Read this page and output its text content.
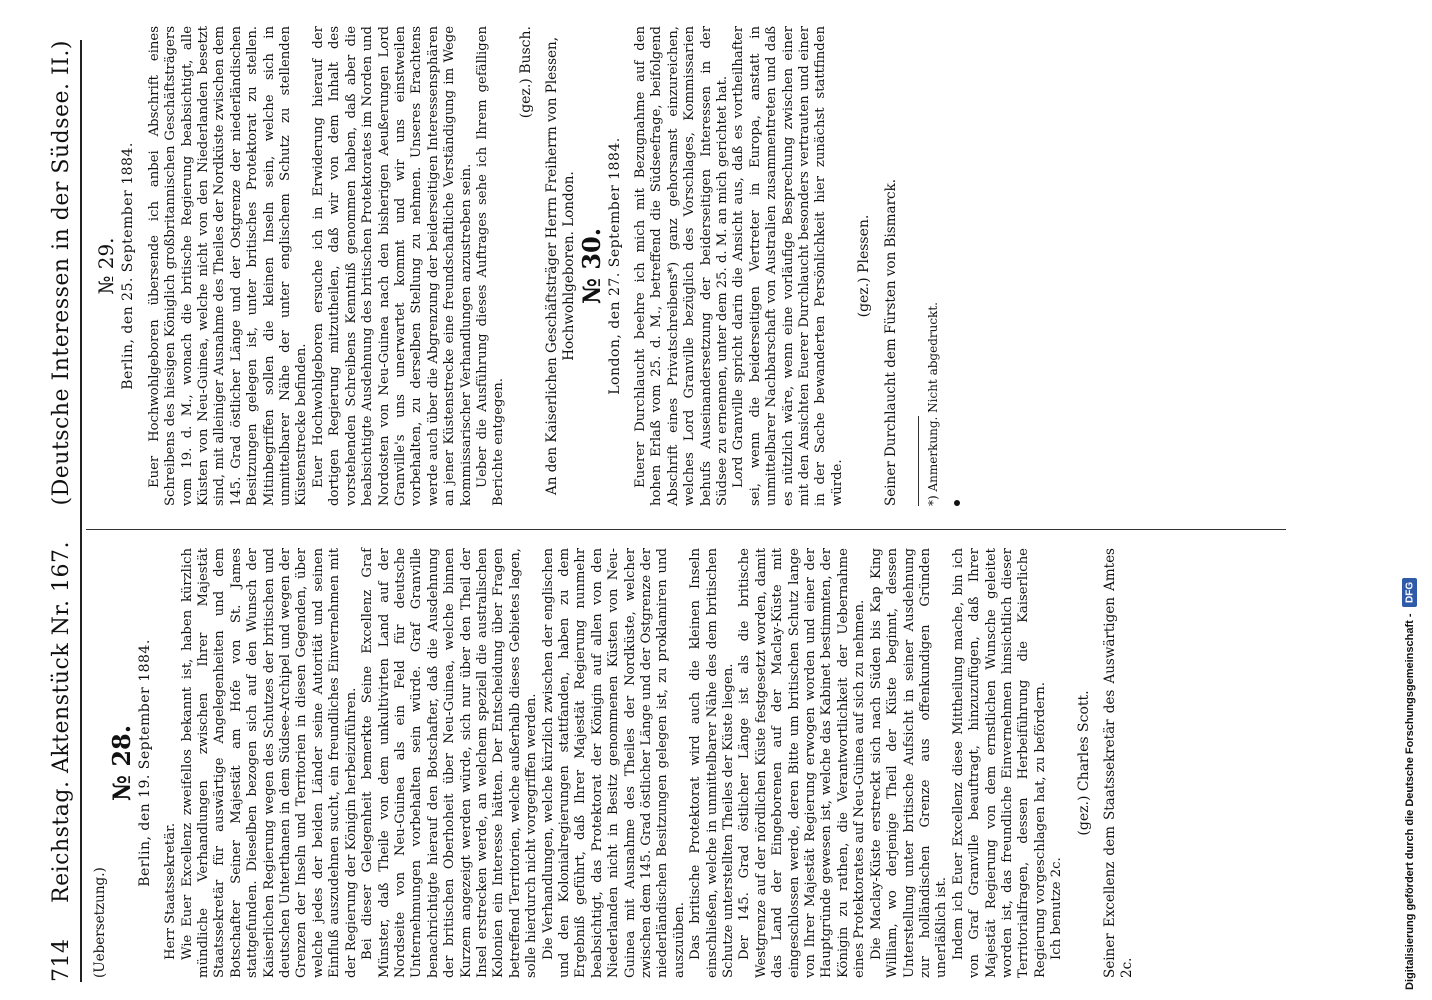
714
Reichstag. Aktenstück Nr. 167.
(Deutsche Interessen in der Südsee. II.)
(Uebersetzung.)
№ 28. Berlin, den 19. September 1884.

Herr Staatssekretär. Wie Euer Excellenz zweifellos bekannt ist, haben kürzlich mündliche Verhandlungen zwischen Ihrer Majestät Staatssekretär für auswärtige Angelegenheiten und dem Botschafter Seiner Majestät am Hofe von St. James stattgefunden. Dieselben bezogen sich auf den Wunsch der Kaiserlichen Regierung wegen des Schutzes der britischen und deutschen Unterthanen in dem Südsee-Archipel und wegen der Grenzen der Inseln und Territorien in diesen Gegenden, über welche jedes der beiden Länder seine Autorität und seinen Einfluß auszudehnen sucht, ein freundliches Einvernehmen mit der Regierung der Königin herbeizuführen. Bei dieser Gelegenheit bemerkte Seine Excellenz Graf Münster, daß Theile von dem unkultivirten Land auf der Nordseite von Neu-Guinea als ein Feld für deutsche Unternehmungen vorbehalten sein würde. Graf Granville benachrichtigte hierauf den Botschafter, daß die Ausdehnung der britischen Oberhoheit über Neu-Guinea, welche binnen Kurzem angezeigt werden würde, sich nur über den Theil der Insel erstrecken werde, an welchem speziell die australischen Kolonien ein Interesse hätten. Der Entscheidung über Fragen betreffend Territorien, welche außerhalb dieses Gebietes lagen, solle hierdurch nicht vorgegriffen werden. Die Verhandlungen, welche kürzlich zwischen der englischen und den Kolonialregierungen stattfanden, haben zu dem Ergebniß geführt, daß Ihrer Majestät Regierung nunmehr beabsichtigt, das Protektorat der Königin auf allen von den Niederlanden nicht in Besitz genommenen Küsten von Neu-Guinea mit Ausnahme des Theiles der Nordküste, welcher zwischen dem 145. Grad östlicher Länge und der Ostgrenze der niederländischen Besitzungen gelegen ist, zu proklamiren und auszuüben. Das britische Protektorat wird auch die kleinen Inseln einschließen, welche in unmittelbarer Nähe des dem britischen Schutze unterstellten Theiles der Küste liegen. Der 145. Grad östlicher Länge ist als die britische Westgrenze auf der nördlichen Küste festgesetzt worden, damit das Land der Eingeborenen auf der Maclay-Küste mit eingeschlossen werde, deren Bitte um britischen Schutz lange von Ihrer Majestät Regierung erwogen worden und einer der Hauptgründe gewesen ist, welche das Kabinet bestimmten, der Königin zu rathen, die Verantwortlichkeit der Uebernahme eines Protektorates auf Neu-Guinea auf sich zu nehmen. Die Maclay-Küste erstreckt sich nach Süden bis Kap King William, wo derjenige Theil der Küste beginnt, dessen Unterstellung unter britische Aufsicht in seiner Ausdehnung zur holländischen Grenze aus offenkundigen Gründen unerläßlich ist. Indem ich Euer Excellenz diese Mittheilung mache, bin ich von Graf Granville beauftragt, hinzuzufügen, daß Ihrer Majestät Regierung von dem ernstlichen Wunsche geleitet worden ist, das freundliche Einvernehmen hinsichtlich dieser Territorialfragen, dessen Herbeiführung die Kaiserliche Regierung vorgeschlagen hat, zu befördern. Ich benutze 2c.

(gez.) Charles Scott. Seiner Excellenz dem Staatssekretär des Auswärtigen Amtes 2c.
№ 29. Berlin, den 25. September 1884. Euer Hochwohlgeboren übersende ich anbei Abschrift eines Schreibens des hiesigen Königlich großbritannischen Geschäftsträgers vom 19. d. M., wonach die britische Regierung beabsichtigt, alle Küsten von Neu-Guinea, welche nicht von den Niederlanden besetzt sind, mit alleiniger Ausnahme des Theiles der Nordküste zwischen dem 145. Grad östlicher Länge und der Ostgrenze der niederländischen Besitzungen gelegen ist, unter britisches Protektorat zu stellen. Mitinbegriffen sollen die kleinen Inseln sein, welche sich in unmittelbarer Nähe der unter englischem Schutz zu stellenden Küstenstrecke befinden. Euer Hochwohlgeboren ersuche ich in Erwiderung hierauf der dortigen Regierung mitzutheilen, daß wir von dem Inhalt des vorstehenden Schreibens Kenntniß genommen haben, daß aber die beabsichtigte Ausdehnung des britischen Protektorates im Norden und Nordosten von Neu-Guinea nach den bisherigen Aeußerungen Lord Granville's uns unerwartet kommt und wir uns einstweilen vorbehalten, zu derselben Stellung zu nehmen. Unseres Erachtens werde auch über die Abgrenzung der beiderseitigen Interessensphären an jener Küstenstrecke eine freundschaftliche Verständigung im Wege kommissarischer Verhandlungen anzustreben sein. Ueber die Ausführung dieses Auftrages sehe ich Ihrem gefälligen Berichte entgegen.

(gez.) Busch. An den Kaiserlichen Geschäftsträger Herrn Freiherrn von Plessen, Hochwohlgeboren. London. № 30. London, den 27. September 1884. Euerer Durchlaucht beehre ich mich mit Bezugnahme auf den hohen Erlaß vom 25. d. M., betreffend die Südseefrage, beifolgend Abschrift eines Privatschreibens*) ganz gehorsamst einzureichen, welches Lord Granville bezüglich des Vorschlages, Kommissarien behufs Auseinandersetzung der beiderseitigen Interessen in der Südsee zu ernennen, unter dem 25. d. M. an mich gerichtet hat. Lord Granville spricht darin die Ansicht aus, daß es vortheilhafter sei, wenn die beiderseitigen Vertreter in Europa, anstatt in unmittelbarer Nachbarschaft von Australien zusammentreten und daß es nützlich wäre, wenn eine vorläufige Besprechung zwischen einer mit den Ansichten Euerer Durchlaucht besonders vertrauten und einer in der Sache bewanderten Persönlichkeit hier zunächst stattfinden würde.

(gez.) Plessen. Seiner Durchlaucht dem Fürsten von Bismarck. *) Anmerkung. Nicht abgedruckt.
Digitalisierung gefördert durch die Deutsche Forschungsgemeinschaft -
DFG
